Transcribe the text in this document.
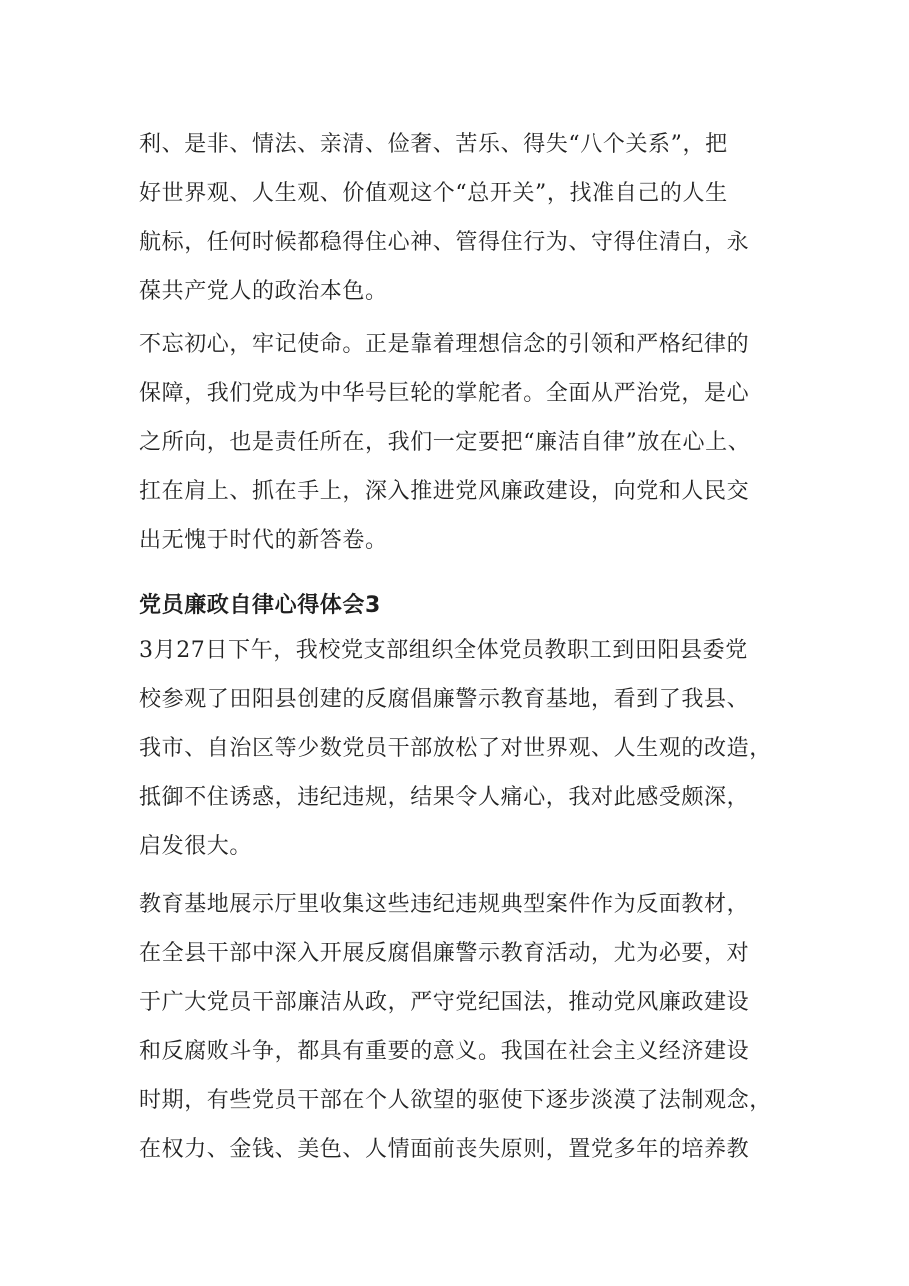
利、是非、情法、亲清、俭奢、苦乐、得失“八个关系”，把
好世界观、人生观、价值观这个“总开关”，找准自己的人生
航标，任何时候都稳得住心神、管得住行为、守得住清白，永
葆共产党人的政治本色。
不忘初心，牢记使命。正是靠着理想信念的引领和严格纪律的
保障，我们党成为中华号巨轮的掌舵者。全面从严治党，是心
之所向，也是责任所在，我们一定要把“廉洁自律”放在心上、
扛在肩上、抓在手上，深入推进党风廉政建设，向党和人民交
出无愧于时代的新答卷。
党员廉政自律心得体会3
3月27日下午，我校党支部组织全体党员教职工到田阳县委党
校参观了田阳县创建的反腐倡廉警示教育基地，看到了我县、
我市、自治区等少数党员干部放松了对世界观、人生观的改造，
抵御不住诱惑，违纪违规，结果令人痛心，我对此感受颇深，
启发很大。
教育基地展示厅里收集这些违纪违规典型案件作为反面教材，
在全县干部中深入开展反腐倡廉警示教育活动，尤为必要，对
于广大党员干部廉洁从政，严守党纪国法，推动党风廉政建设
和反腐败斗争，都具有重要的意义。我国在社会主义经济建设
时期，有些党员干部在个人欲望的驱使下逐步淡漠了法制观念，
在权力、金钱、美色、人情面前丧失原则，置党多年的培养教
